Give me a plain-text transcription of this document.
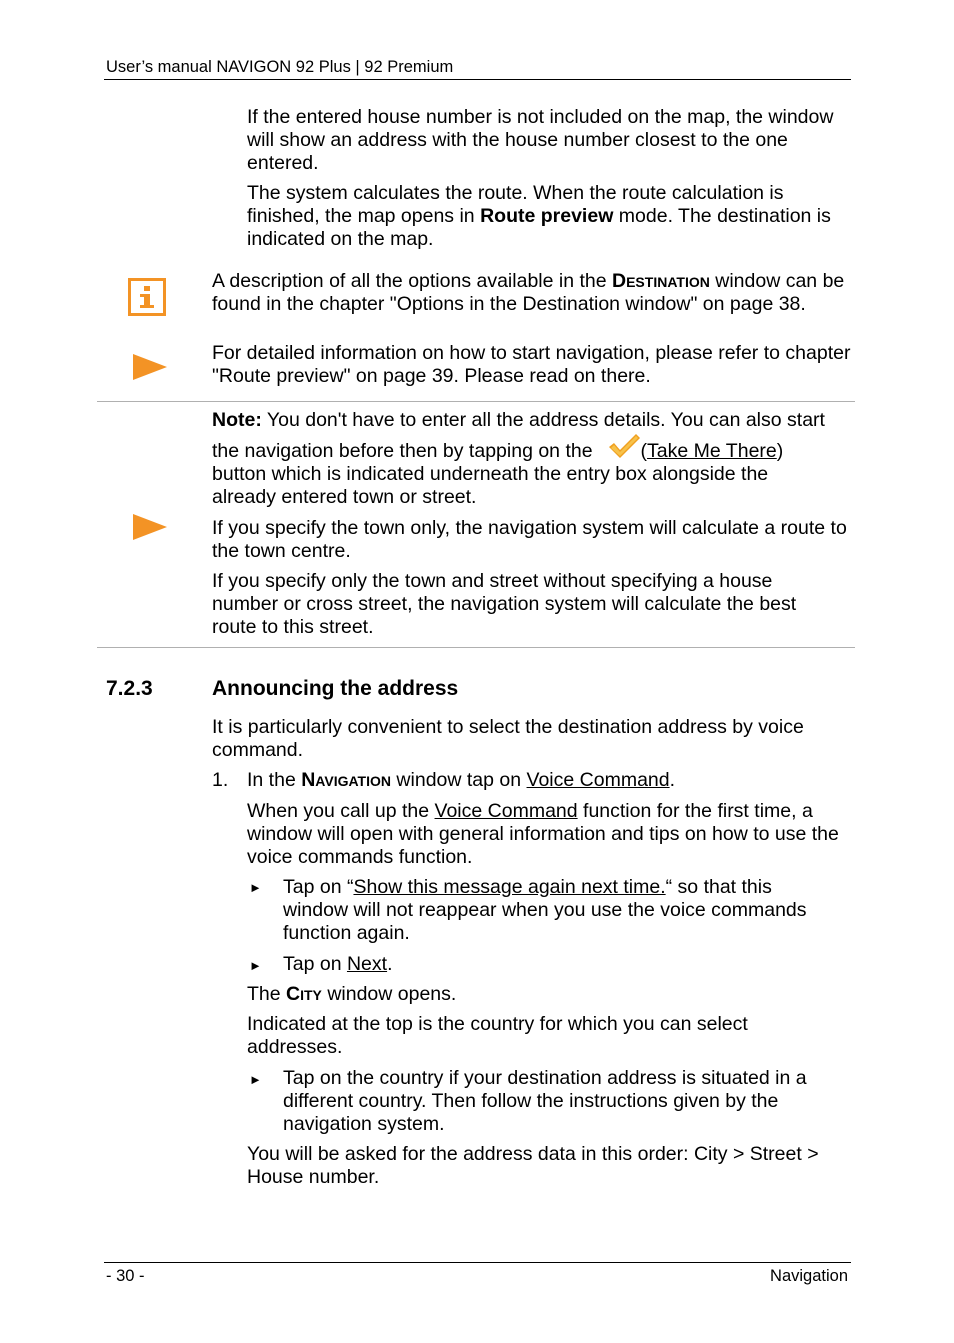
User’s manual NAVIGON 92 Plus | 92 Premium

If the entered house number is not included on the map, the window will show an address with the house number closest to the one entered.

The system calculates the route. When the route calculation is finished, the map opens in Route preview mode. The destination is indicated on the map.

A description of all the options available in the Destination window can be found in the chapter "Options in the Destination window" on page 38.

For detailed information on how to start navigation, please refer to chapter "Route preview" on page 39. Please read on there.

Note: You don't have to enter all the address details. You can also start

the navigation before then by tapping on the (Take Me There)

button which is indicated underneath the entry box alongside the already entered town or street.

If you specify the town only, the navigation system will calculate a route to the town centre.

If you specify only the town and street without specifying a house number or cross street, the navigation system will calculate the best route to this street.

7.2.3	Announcing the address

It is particularly convenient to select the destination address by voice command.

1. In the Navigation window tap on Voice Command.

When you call up the Voice Command function for the first time, a window will open with general information and tips on how to use the voice commands function.

► Tap on “Show this message again next time.“ so that this window will not reappear when you use the voice commands function again.

► Tap on Next.

The City window opens.

Indicated at the top is the country for which you can select addresses.

► Tap on the country if your destination address is situated in a different country. Then follow the instructions given by the navigation system.

You will be asked for the address data in this order: City > Street > House number.

- 30 -	Navigation
